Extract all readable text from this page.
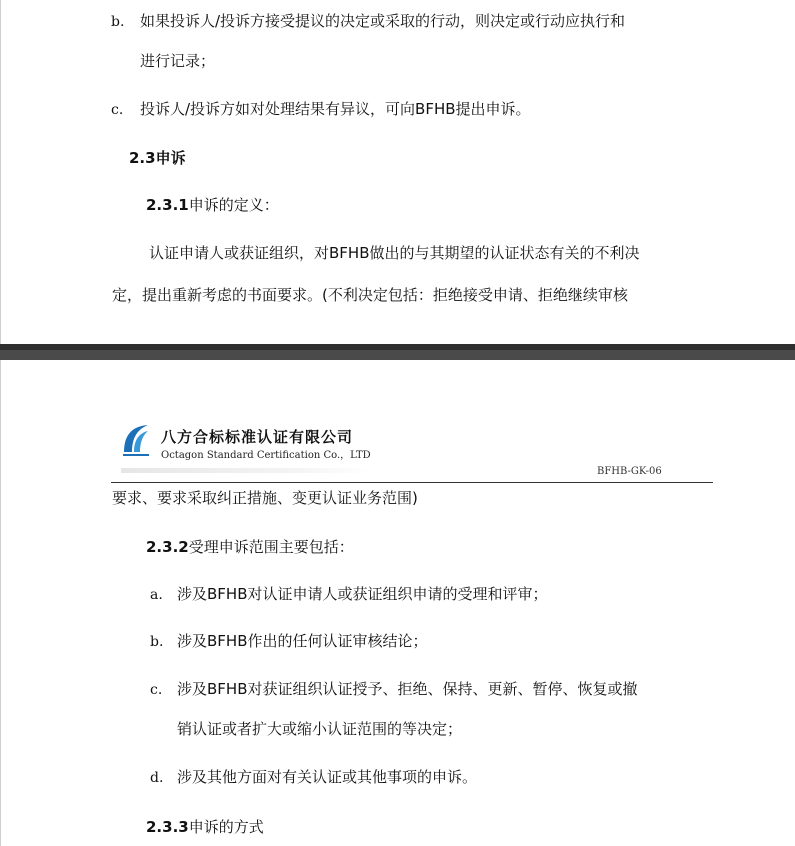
b. 如果投诉人/投诉方接受提议的决定或采取的行动，则决定或行动应执行和
进行记录；
c. 投诉人/投诉方如对处理结果有异议，可向BFHB提出申诉。
2.3申诉
2.3.1申诉的定义：
认证申请人或获证组织，对BFHB做出的与其期望的认证状态有关的不利决
定，提出重新考虑的书面要求。(不利决定包括：拒绝接受申请、拒绝继续审核
八方合标标准认证有限公司
Octagon Standard Certification Co.，LTD
BFHB-GK-06
要求、要求采取纠正措施、变更认证业务范围)
2.3.2受理申诉范围主要包括：
a. 涉及BFHB对认证申请人或获证组织申请的受理和评审；
b. 涉及BFHB作出的任何认证审核结论；
c. 涉及BFHB对获证组织认证授予、拒绝、保持、更新、暂停、恢复或撤
销认证或者扩大或缩小认证范围的等决定；
d. 涉及其他方面对有关认证或其他事项的申诉。
2.3.3申诉的方式
